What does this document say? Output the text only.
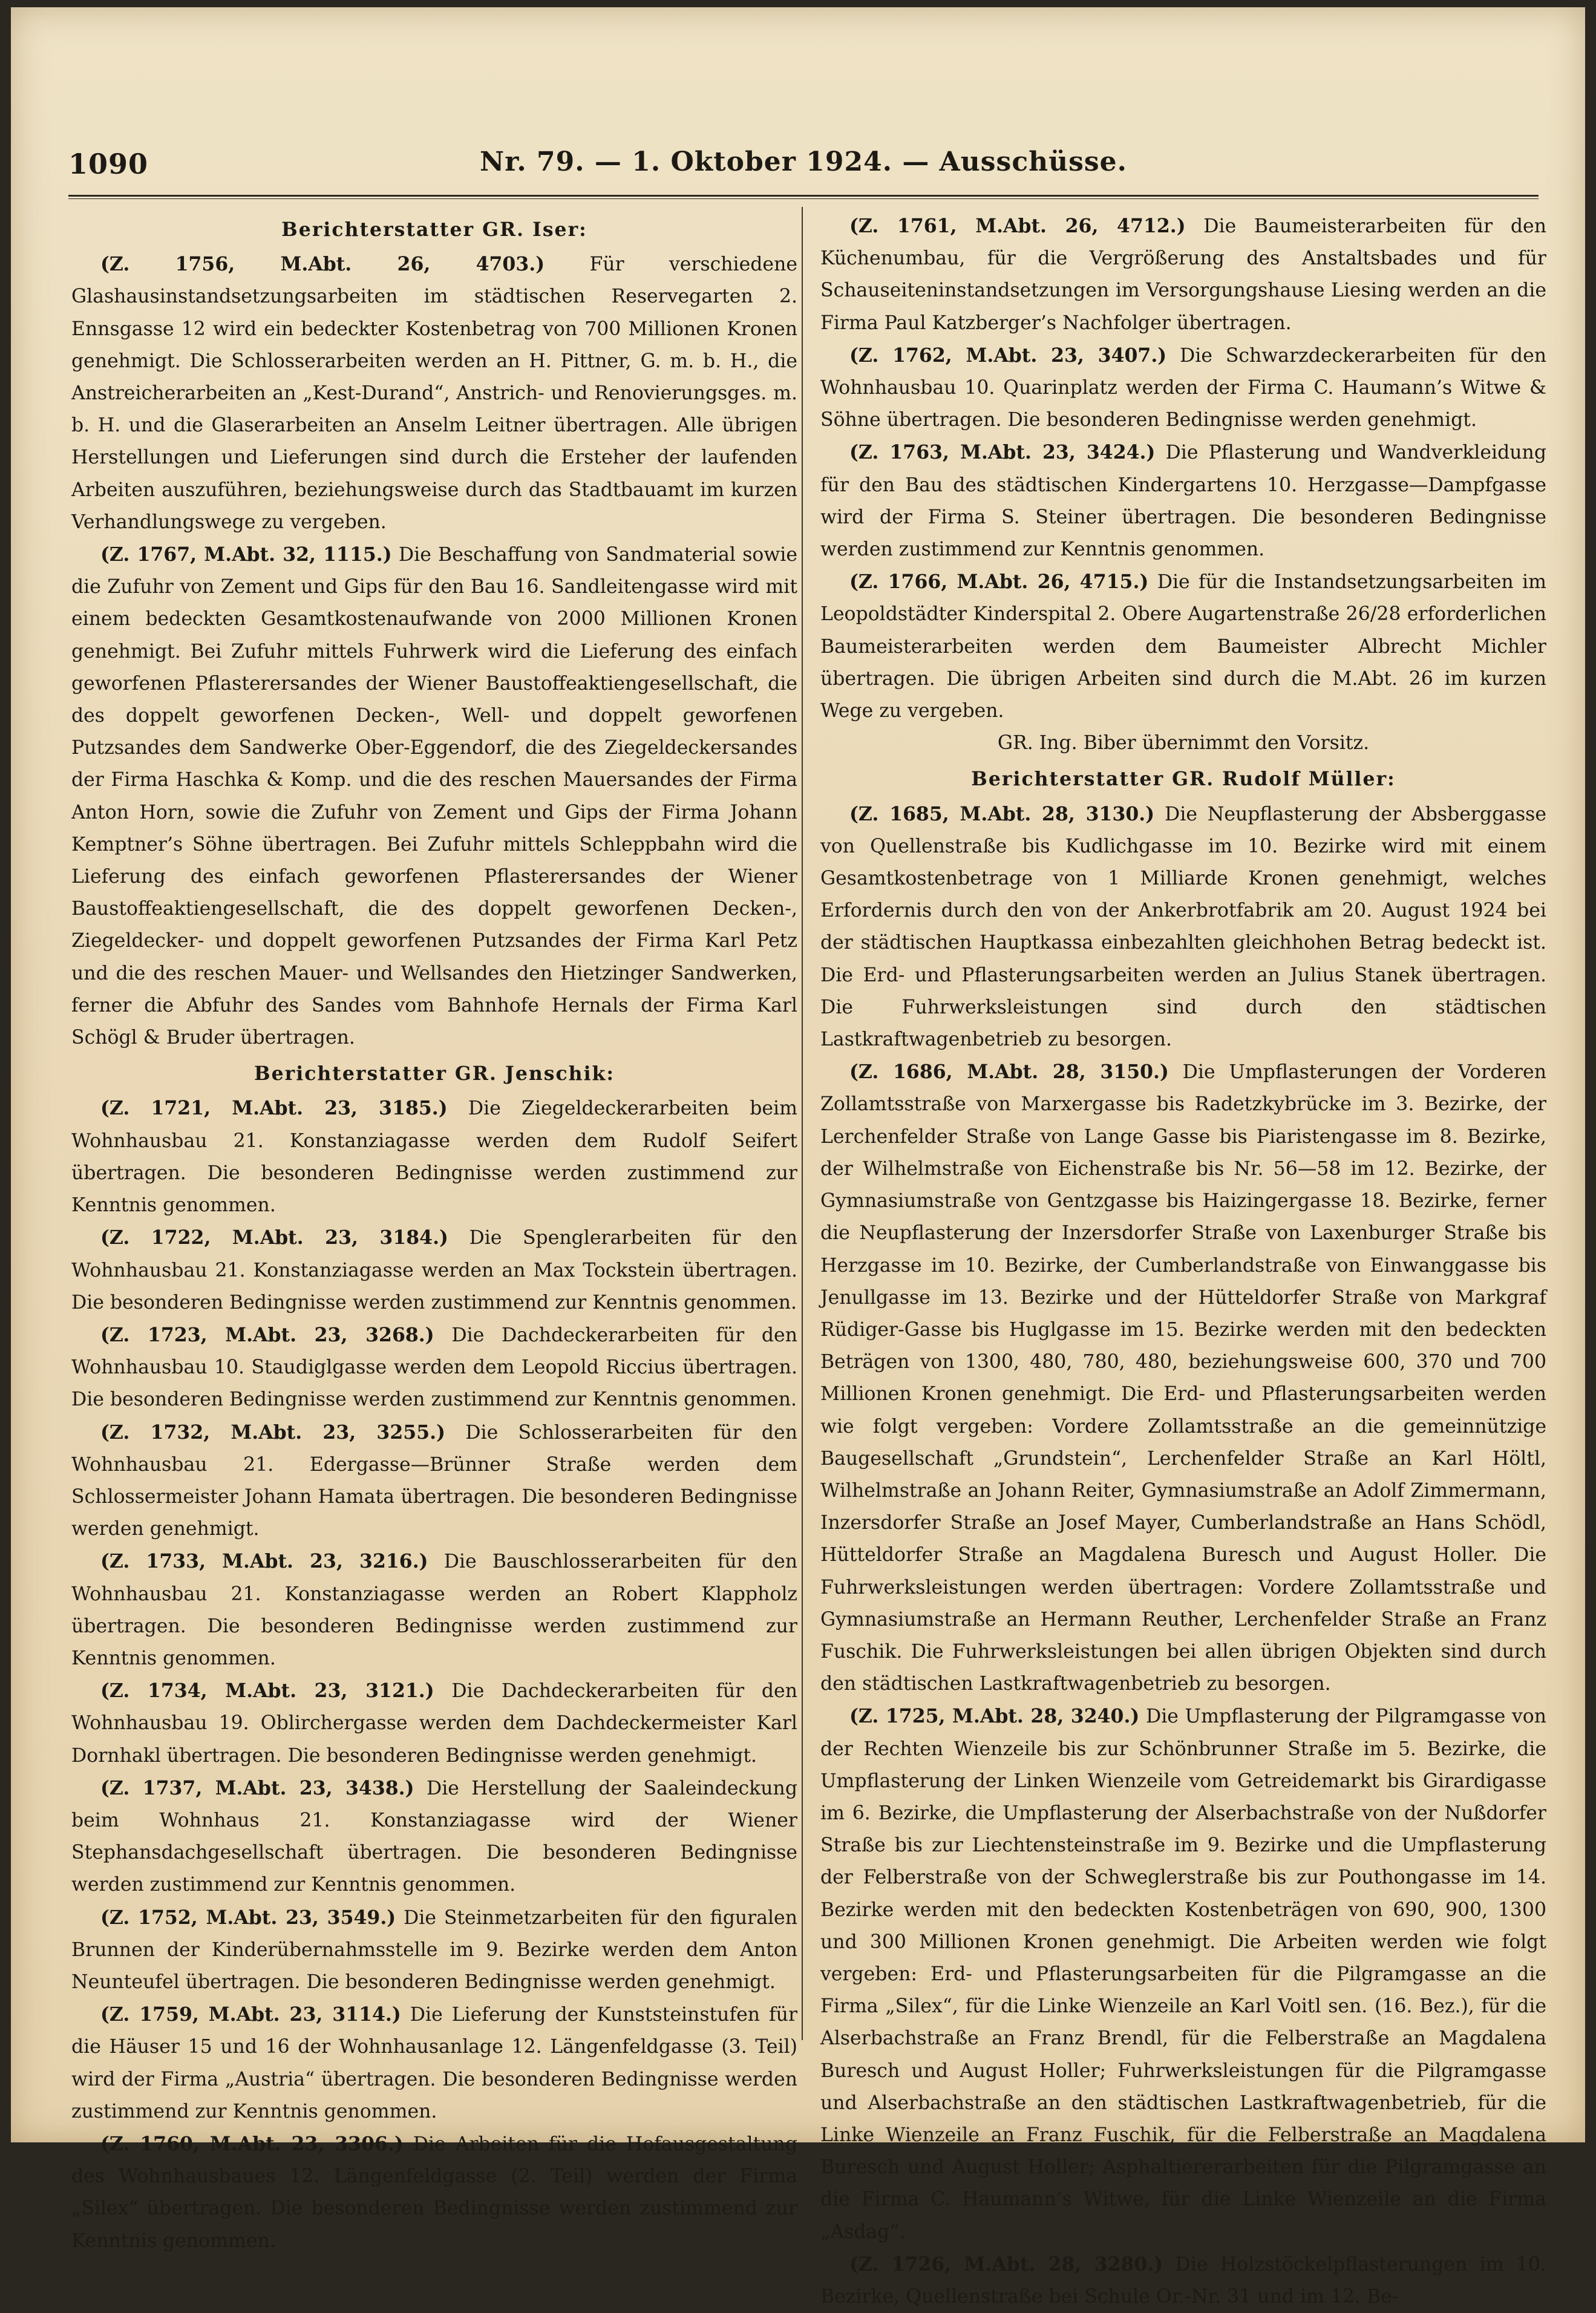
1090	Nr. 79. — 1. Oktober 1924. — Ausschüsse.

Berichterstatter GR. Iser:

(Z. 1756, M.Abt. 26, 4703.) Für verschiedene Glashausinstandsetzungsarbeiten im städtischen Reservegarten 2. Ennsgasse 12 wird ein bedeckter Kostenbetrag von 700 Millionen Kronen genehmigt. Die Schlosserarbeiten werden an H. Pittner, G. m. b. H., die Anstreicherarbeiten an „Kest-Durand“, Anstrich- und Renovierungsges. m. b. H. und die Glaserarbeiten an Anselm Leitner übertragen. Alle übrigen Herstellungen und Lieferungen sind durch die Ersteher der laufenden Arbeiten auszuführen, beziehungsweise durch das Stadtbauamt im kurzen Verhandlungswege zu vergeben.

(Z. 1767, M.Abt. 32, 1115.) Die Beschaffung von Sandmaterial sowie die Zufuhr von Zement und Gips für den Bau 16. Sandleitengasse wird mit einem bedeckten Gesamtkostenaufwande von 2000 Millionen Kronen genehmigt. Bei Zufuhr mittels Fuhrwerk wird die Lieferung des einfach geworfenen Pflasterersandes der Wiener Baustoffeaktiengesellschaft, die des doppelt geworfenen Decken-, Well- und doppelt geworfenen Putzsandes dem Sandwerke Ober-Eggendorf, die des Ziegeldeckersandes der Firma Haschka & Komp. und die des reschen Mauersandes der Firma Anton Horn, sowie die Zufuhr von Zement und Gips der Firma Johann Kemptner’s Söhne übertragen. Bei Zufuhr mittels Schleppbahn wird die Lieferung des einfach geworfenen Pflasterersandes der Wiener Baustoffeaktiengesellschaft, die des doppelt geworfenen Decken-, Ziegeldecker- und doppelt geworfenen Putzsandes der Firma Karl Petz und die des reschen Mauer- und Wellsandes den Hietzinger Sandwerken, ferner die Abfuhr des Sandes vom Bahnhofe Hernals der Firma Karl Schögl & Bruder übertragen.

Berichterstatter GR. Jenschik:

(Z. 1721, M.Abt. 23, 3185.) Die Ziegeldeckerarbeiten beim Wohnhausbau 21. Konstanziagasse werden dem Rudolf Seifert übertragen. Die besonderen Bedingnisse werden zustimmend zur Kenntnis genommen.

(Z. 1722, M.Abt. 23, 3184.) Die Spenglerarbeiten für den Wohnhausbau 21. Konstanziagasse werden an Max Tockstein übertragen. Die besonderen Bedingnisse werden zustimmend zur Kenntnis genommen.

(Z. 1723, M.Abt. 23, 3268.) Die Dachdeckerarbeiten für den Wohnhausbau 10. Staudiglgasse werden dem Leopold Riccius übertragen. Die besonderen Bedingnisse werden zustimmend zur Kenntnis genommen.

(Z. 1732, M.Abt. 23, 3255.) Die Schlosserarbeiten für den Wohnhausbau 21. Edergasse—Brünner Straße werden dem Schlossermeister Johann Hamata übertragen. Die besonderen Bedingnisse werden genehmigt.

(Z. 1733, M.Abt. 23, 3216.) Die Bauschlosserarbeiten für den Wohnhausbau 21. Konstanziagasse werden an Robert Klappholz übertragen. Die besonderen Bedingnisse werden zustimmend zur Kenntnis genommen.

(Z. 1734, M.Abt. 23, 3121.) Die Dachdeckerarbeiten für den Wohnhausbau 19. Oblirchergasse werden dem Dachdeckermeister Karl Dornhakl übertragen. Die besonderen Bedingnisse werden genehmigt.

(Z. 1737, M.Abt. 23, 3438.) Die Herstellung der Saaleindeckung beim Wohnhaus 21. Konstanziagasse wird der Wiener Stephansdachgesellschaft übertragen. Die besonderen Bedingnisse werden zustimmend zur Kenntnis genommen.

(Z. 1752, M.Abt. 23, 3549.) Die Steinmetzarbeiten für den figuralen Brunnen der Kinderübernahmsstelle im 9. Bezirke werden dem Anton Neunteufel übertragen. Die besonderen Bedingnisse werden genehmigt.

(Z. 1759, M.Abt. 23, 3114.) Die Lieferung der Kunststeinstufen für die Häuser 15 und 16 der Wohnhausanlage 12. Längenfeldgasse (3. Teil) wird der Firma „Austria“ übertragen. Die besonderen Bedingnisse werden zustimmend zur Kenntnis genommen.

(Z. 1760, M.Abt. 23, 3306.) Die Arbeiten für die Hofausgestaltung des Wohnhausbaues 12. Längenfeldgasse (2. Teil) werden der Firma „Silex“ übertragen. Die besonderen Bedingnisse werden zustimmend zur Kenntnis genommen.

(Z. 1761, M.Abt. 26, 4712.) Die Baumeisterarbeiten für den Küchenumbau, für die Vergrößerung des Anstaltsbades und für Schauseiteninstandsetzungen im Versorgungshause Liesing werden an die Firma Paul Katzberger’s Nachfolger übertragen.

(Z. 1762, M.Abt. 23, 3407.) Die Schwarzdeckerarbeiten für den Wohnhausbau 10. Quarinplatz werden der Firma C. Haumann’s Witwe & Söhne übertragen. Die besonderen Bedingnisse werden genehmigt.

(Z. 1763, M.Abt. 23, 3424.) Die Pflasterung und Wandverkleidung für den Bau des städtischen Kindergartens 10. Herzgasse—Dampfgasse wird der Firma S. Steiner übertragen. Die besonderen Bedingnisse werden zustimmend zur Kenntnis genommen.

(Z. 1766, M.Abt. 26, 4715.) Die für die Instandsetzungsarbeiten im Leopoldstädter Kinderspital 2. Obere Augartenstraße 26/28 erforderlichen Baumeisterarbeiten werden dem Baumeister Albrecht Michler übertragen. Die übrigen Arbeiten sind durch die M.Abt. 26 im kurzen Wege zu vergeben.

GR. Ing. Biber übernimmt den Vorsitz.

Berichterstatter GR. Rudolf Müller:

(Z. 1685, M.Abt. 28, 3130.) Die Neupflasterung der Absberggasse von Quellenstraße bis Kudlichgasse im 10. Bezirke wird mit einem Gesamtkostenbetrage von 1 Milliarde Kronen genehmigt, welches Erfordernis durch den von der Ankerbrotfabrik am 20. August 1924 bei der städtischen Hauptkassa einbezahlten gleichhohen Betrag bedeckt ist. Die Erd- und Pflasterungsarbeiten werden an Julius Stanek übertragen. Die Fuhrwerksleistungen sind durch den städtischen Lastkraftwagenbetrieb zu besorgen.

(Z. 1686, M.Abt. 28, 3150.) Die Umpflasterungen der Vorderen Zollamtsstraße von Marxergasse bis Radetzkybrücke im 3. Bezirke, der Lerchenfelder Straße von Lange Gasse bis Piaristengasse im 8. Bezirke, der Wilhelmstraße von Eichenstraße bis Nr. 56—58 im 12. Bezirke, der Gymnasiumstraße von Gentzgasse bis Haizingergasse 18. Bezirke, ferner die Neupflasterung der Inzersdorfer Straße von Laxenburger Straße bis Herzgasse im 10. Bezirke, der Cumberlandstraße von Einwanggasse bis Jenullgasse im 13. Bezirke und der Hütteldorfer Straße von Markgraf Rüdiger-Gasse bis Huglgasse im 15. Bezirke werden mit den bedeckten Beträgen von 1300, 480, 780, 480, beziehungsweise 600, 370 und 700 Millionen Kronen genehmigt. Die Erd- und Pflasterungsarbeiten werden wie folgt vergeben: Vordere Zollamtsstraße an die gemeinnützige Baugesellschaft „Grundstein“, Lerchenfelder Straße an Karl Höltl, Wilhelmstraße an Johann Reiter, Gymnasiumstraße an Adolf Zimmermann, Inzersdorfer Straße an Josef Mayer, Cumberlandstraße an Hans Schödl, Hütteldorfer Straße an Magdalena Buresch und August Holler. Die Fuhrwerksleistungen werden übertragen: Vordere Zollamtsstraße und Gymnasiumstraße an Hermann Reuther, Lerchenfelder Straße an Franz Fuschik. Die Fuhrwerksleistungen bei allen übrigen Objekten sind durch den städtischen Lastkraftwagenbetrieb zu besorgen.

(Z. 1725, M.Abt. 28, 3240.) Die Umpflasterung der Pilgramgasse von der Rechten Wienzeile bis zur Schönbrunner Straße im 5. Bezirke, die Umpflasterung der Linken Wienzeile vom Getreidemarkt bis Girardigasse im 6. Bezirke, die Umpflasterung der Alserbachstraße von der Nußdorfer Straße bis zur Liechtensteinstraße im 9. Bezirke und die Umpflasterung der Felberstraße von der Schweglerstraße bis zur Pouthongasse im 14. Bezirke werden mit den bedeckten Kostenbeträgen von 690, 900, 1300 und 300 Millionen Kronen genehmigt. Die Arbeiten werden wie folgt vergeben: Erd- und Pflasterungsarbeiten für die Pilgramgasse an die Firma „Silex“, für die Linke Wienzeile an Karl Voitl sen. (16. Bez.), für die Alserbachstraße an Franz Brendl, für die Felberstraße an Magdalena Buresch und August Holler; Fuhrwerksleistungen für die Pilgramgasse und Alserbachstraße an den städtischen Lastkraftwagenbetrieb, für die Linke Wienzeile an Franz Fuschik, für die Felberstraße an Magdalena Buresch und August Holler; Asphaltiererarbeiten für die Pilgramgasse an die Firma C. Haumann’s Witwe, für die Linke Wienzeile an die Firma „Asdag“.

(Z. 1726, M.Abt. 28, 3280.) Die Holzstöckelpflasterungen im 10. Bezirke, Quellenstraße bei Schule Or.-Nr. 31 und im 12. Be-
